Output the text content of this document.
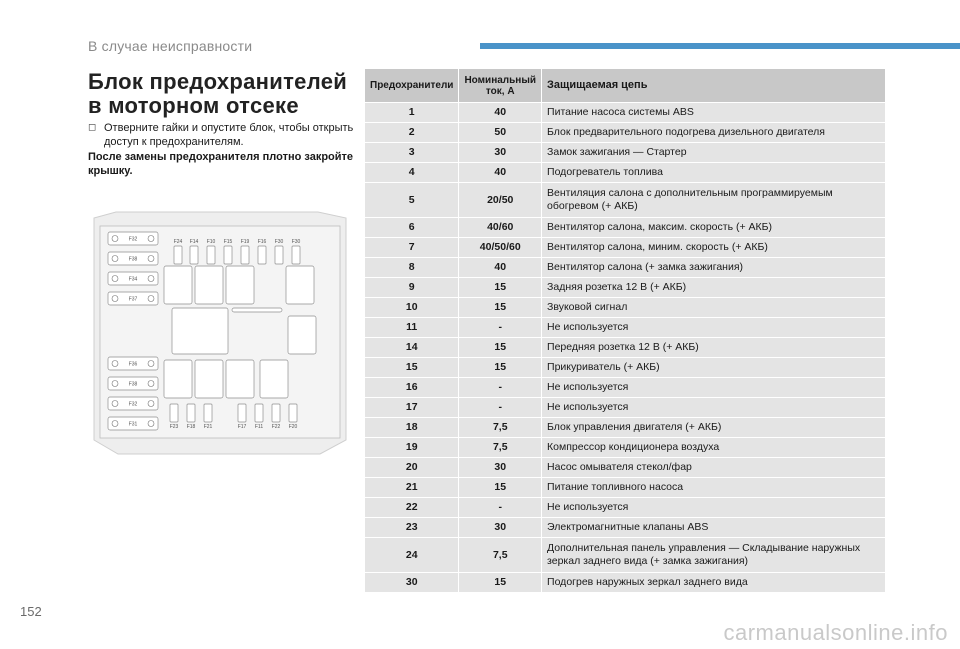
В случае неисправности
Блок предохранителей в моторном отсеке
◻ Отверните гайки и опустите блок, чтобы открыть доступ к предохранителям.
После замены предохранителя плотно закройте крышку.
F32
F38
F34
F37
F36
F38
F32
F31
F24 F14 F10 F15 F19 F16 F30 F30
F23 F18 F21	F17 F11 F22 F20
Предохранители	Номинальный ток, А	Защищаемая цепь
1	40	Питание насоса системы ABS
2	50	Блок предварительного подогрева дизельного двигателя
3	30	Замок зажигания — Стартер
4	40	Подогреватель топлива
5	20/50	Вентиляция салона с дополнительным программируемым обогревом (+ АКБ)
6	40/60	Вентилятор салона, максим. скорость (+ АКБ)
7	40/50/60	Вентилятор салона, миним. скорость (+ АКБ)
8	40	Вентилятор салона (+ замка зажигания)
9	15	Задняя розетка 12 В (+ АКБ)
10	15	Звуковой сигнал
11	-	Не используется
14	15	Передняя розетка 12 В (+ АКБ)
15	15	Прикуриватель (+ АКБ)
16	-	Не используется
17	-	Не используется
18	7,5	Блок управления двигателя (+ АКБ)
19	7,5	Компрессор кондиционера воздуха
20	30	Насос омывателя стекол/фар
21	15	Питание топливного насоса
22	-	Не используется
23	30	Электромагнитные клапаны ABS
24	7,5	Дополнительная панель управления — Складывание наружных зеркал заднего вида (+ замка зажигания)
30	15	Подогрев наружных зеркал заднего вида
152
carmanualsonline.info
